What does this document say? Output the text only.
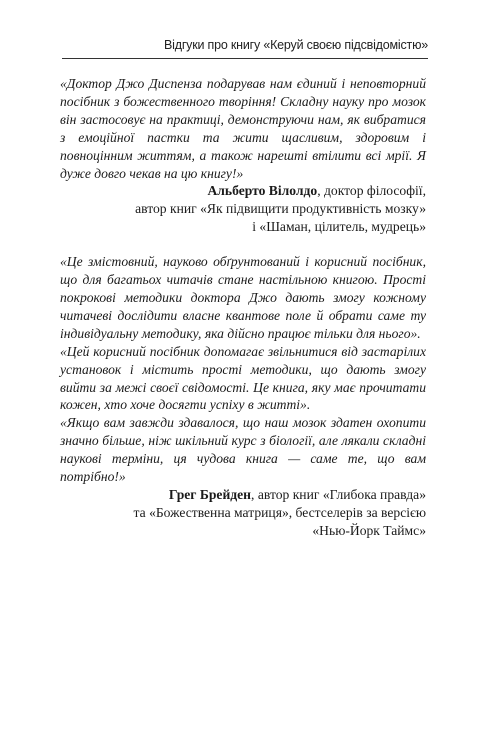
Відгуки про книгу «Керуй своєю підсвідомістю»

«Доктор Джо Диспенза подарував нам єдиний і неповторний посібник з божественного творіння! Складну науку про мозок він застосовує на практиці, демонструючи нам, як вибратися з емоційної пастки та жити щасливим, здоровим і повноцінним життям, а також нарешті втілити всі мрії. Я дуже довго чекав на цю книгу!»

Альберто Вілолдо, доктор філософії,

автор книг «Як підвищити продуктивність мозку»

і «Шаман, цілитель, мудрець»

«Це змістовний, науково обґрунтований і корисний посібник, що для багатьох читачів стане настільною книгою. Прості покрокові методики доктора Джо дають змогу кожному читачеві дослідити власне квантове поле й обрати саме ту індивідуальну методику, яка дійсно працює тільки для нього».

«Цей корисний посібник допомагає звільнитися від застарілих установок і містить прості методики, що дають змогу вийти за межі своєї свідомості. Це книга, яку має прочитати кожен, хто хоче досягти успіху в житті».

«Якщо вам завжди здавалося, що наш мозок здатен охопити значно більше, ніж шкільний курс з біології, але лякали складні наукові терміни, ця чудова книга — саме те, що вам потрібно!»

Грег Брейден, автор книг «Глибока правда»

та «Божественна матриця», бестселерів за версією

«Нью-Йорк Таймс»
